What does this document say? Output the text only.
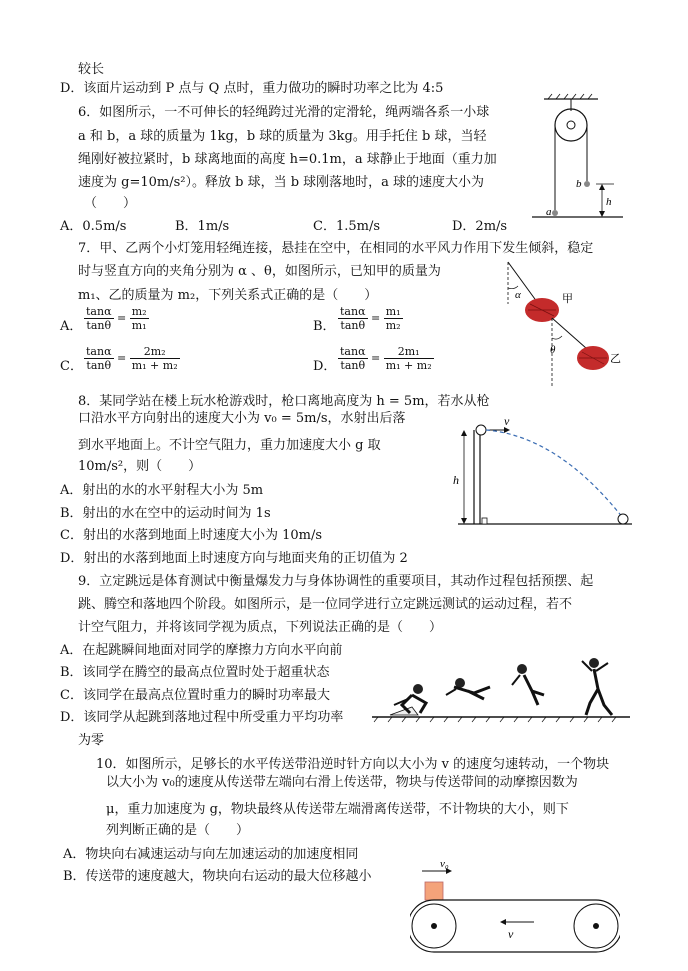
较长
D．该面片运动到 P 点与 Q 点时，重力做功的瞬时功率之比为 4:5
6．如图所示，一不可伸长的轻绳跨过光滑的定滑轮，绳两端各系一小球
a 和 b，a 球的质量为 1kg，b 球的质量为 3kg。用手托住 b 球，当轻
绳刚好被拉紧时，b 球离地面的高度 h=0.1m，a 球静止于地面（重力加
速度为 g=10m/s²）。释放 b 球，当 b 球刚落地时，a 球的速度大小为
（　　）
A．0.5m/s	B．1m/s	C．1.5m/s	D．2m/s
7．甲、乙两个小灯笼用轻绳连接，悬挂在空中，在相同的水平风力作用下发生倾斜，稳定
时与竖直方向的夹角分别为 α 、θ，如图所示，已知甲的质量为
m₁、乙的质量为 m₂，下列关系式正确的是（　　）
A． $\frac{\tan\alpha}{\tan\theta} = \frac{\text{m₂}}{\text{m₁}}$	B． $\frac{\tan\alpha}{\tan\theta} = \frac{\text{m₁}}{\text{m₂}}$
C． $\frac{\tan\alpha}{\tan\theta} = \frac{\text{2m₂}}{\text{m₁ + m₂}}$	D． $\frac{\tan\alpha}{\tan\theta} = \frac{\text{2m₁}}{\text{m₁ + m₂}}$
8．某同学站在楼上玩水枪游戏时，枪口离地高度为 h = 5m，若水从枪
口沿水平方向射出的速度大小为 v₀ = 5m/s，水射出后落
到水平地面上。不计空气阻力，重力加速度大小 g 取
10m/s²，则（　　）
A．射出的水的水平射程大小为 5m
B．射出的水在空中的运动时间为 1s
C．射出的水落到地面上时速度大小为 10m/s
D．射出的水落到地面上时速度方向与地面夹角的正切值为 2
9．立定跳远是体育测试中衡量爆发力与身体协调性的重要项目，其动作过程包括预摆、起
跳、腾空和落地四个阶段。如图所示，是一位同学进行立定跳远测试的运动过程，若不
计空气阻力，并将该同学视为质点，下列说法正确的是（　　）
A．在起跳瞬间地面对同学的摩擦力方向水平向前
B．该同学在腾空的最高点位置时处于超重状态
C．该同学在最高点位置时重力的瞬时功率最大
D．该同学从起跳到落地过程中所受重力平均功率
为零
10．如图所示，足够长的水平传送带沿逆时针方向以大小为 v 的速度匀速转动，一个物块
以大小为 v₀的速度从传送带左端向右滑上传送带，物块与传送带间的动摩擦因数为
μ，重力加速度为 g，物块最终从传送带左端滑离传送带，不计物块的大小，则下
列判断正确的是（　　）
A．物块向右减速运动与向左加速运动的加速度相同
B．传送带的速度越大，物块向右运动的最大位移越小
a
b
h
α	甲
θ
乙
h
v
v₀
v
